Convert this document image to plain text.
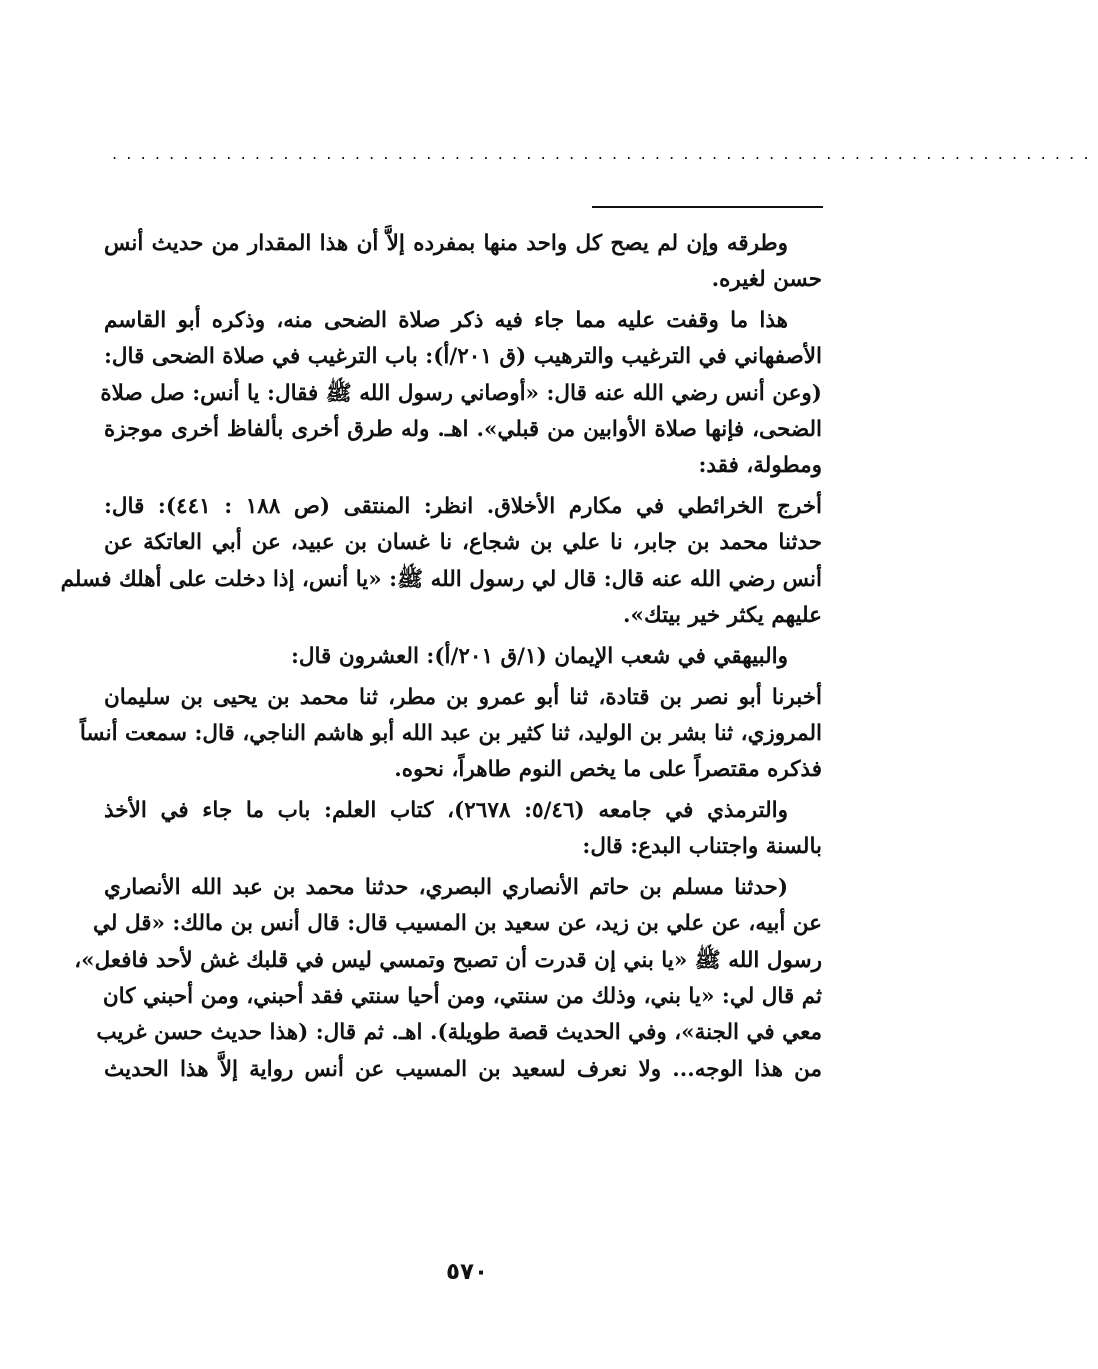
.....................................................................
وطرقه وإن لم يصح كل واحد منها بمفرده إلاَّ أن هذا المقدار من حديث أنس
حسن لغيره.
هذا ما وقفت عليه مما جاء فيه ذكر صلاة الضحى منه، وذكره أبو القاسم
الأصفهاني في الترغيب والترهيب (ق ٢٠١/أ): باب الترغيب في صلاة الضحى قال:
(وعن أنس رضي الله عنه قال: «أوصاني رسول الله ﷺ فقال: يا أنس: صل صلاة
الضحى، فإنها صلاة الأوابين من قبلي». اهـ. وله طرق أخرى بألفاظ أخرى موجزة
ومطولة، فقد:
أخرج الخرائطي في مكارم الأخلاق. انظر: المنتقى (ص ١٨٨ : ٤٤١): قال:
حدثنا محمد بن جابر، نا علي بن شجاع، نا غسان بن عبيد، عن أبي العاتكة عن
أنس رضي الله عنه قال: قال لي رسول الله ﷺ: «يا أنس، إذا دخلت على أهلك فسلم
عليهم يكثر خير بيتك».
والبيهقي في شعب الإيمان (١/ق ٢٠١/أ): العشرون قال:
أخبرنا أبو نصر بن قتادة، ثنا أبو عمرو بن مطر، ثنا محمد بن يحيى بن سليمان
المروزي، ثنا بشر بن الوليد، ثنا كثير بن عبد الله أبو هاشم الناجي، قال: سمعت أنساً
فذكره مقتصراً على ما يخص النوم طاهراً، نحوه.
والترمذي في جامعه (٥/٤٦: ٢٦٧٨)، كتاب العلم: باب ما جاء في الأخذ
بالسنة واجتناب البدع: قال:
(حدثنا مسلم بن حاتم الأنصاري البصري، حدثنا محمد بن عبد الله الأنصاري
عن أبيه، عن علي بن زيد، عن سعيد بن المسيب قال: قال أنس بن مالك: «قل لي
رسول الله ﷺ «يا بني إن قدرت أن تصبح وتمسي ليس في قلبك غش لأحد فافعل»،
ثم قال لي: «يا بني، وذلك من سنتي، ومن أحيا سنتي فقد أحبني، ومن أحبني كان
معي في الجنة»، وفي الحديث قصة طويلة). اهـ. ثم قال: (هذا حديث حسن غريب
من هذا الوجه... ولا نعرف لسعيد بن المسيب عن أنس رواية إلاَّ هذا الحديث
٥٧٠
